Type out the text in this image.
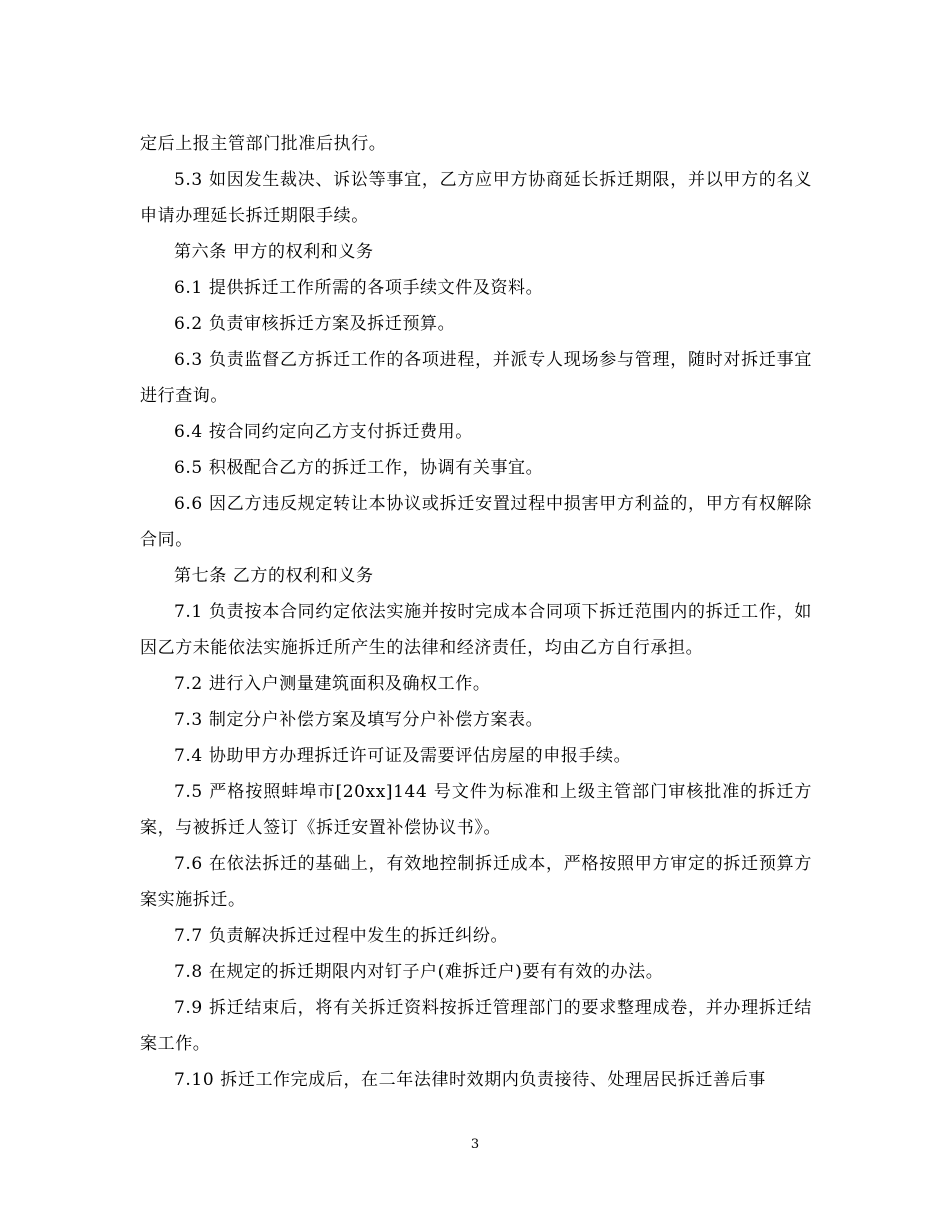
定后上报主管部门批准后执行。

5.3 如因发生裁决、诉讼等事宜，乙方应甲方协商延长拆迁期限，并以甲方的名义申请办理延长拆迁期限手续。

第六条 甲方的权利和义务

6.1 提供拆迁工作所需的各项手续文件及资料。

6.2 负责审核拆迁方案及拆迁预算。

6.3 负责监督乙方拆迁工作的各项进程，并派专人现场参与管理，随时对拆迁事宜进行查询。

6.4 按合同约定向乙方支付拆迁费用。

6.5 积极配合乙方的拆迁工作，协调有关事宜。

6.6 因乙方违反规定转让本协议或拆迁安置过程中损害甲方利益的，甲方有权解除合同。

第七条 乙方的权利和义务

7.1 负责按本合同约定依法实施并按时完成本合同项下拆迁范围内的拆迁工作，如因乙方未能依法实施拆迁所产生的法律和经济责任，均由乙方自行承担。

7.2 进行入户测量建筑面积及确权工作。

7.3 制定分户补偿方案及填写分户补偿方案表。

7.4 协助甲方办理拆迁许可证及需要评估房屋的申报手续。

7.5 严格按照蚌埠市[20xx]144 号文件为标准和上级主管部门审核批准的拆迁方案，与被拆迁人签订《拆迁安置补偿协议书》。

7.6 在依法拆迁的基础上，有效地控制拆迁成本，严格按照甲方审定的拆迁预算方案实施拆迁。

7.7 负责解决拆迁过程中发生的拆迁纠纷。

7.8 在规定的拆迁期限内对钉子户(难拆迁户)要有有效的办法。

7.9 拆迁结束后，将有关拆迁资料按拆迁管理部门的要求整理成卷，并办理拆迁结案工作。

7.10 拆迁工作完成后，在二年法律时效期内负责接待、处理居民拆迁善后事

3
